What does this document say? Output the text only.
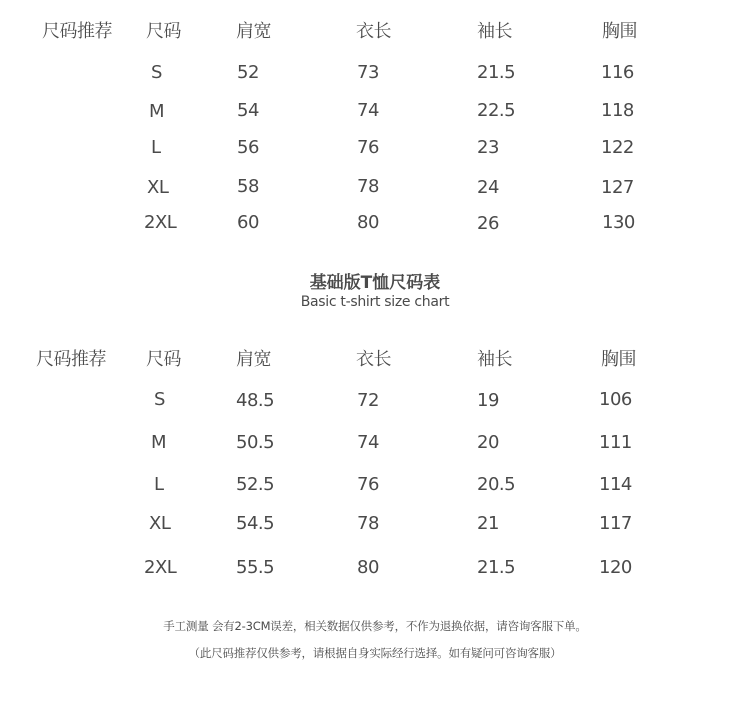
尺码推荐 尺码	肩宽	衣长	袖长	胸围
S	52	73	21.5	116
M	54	74	22.5	118
L	56	76	23	122
XL	58	78	24	127
2XL	60	80	26	130
基础版T恤尺码表
Basic t-shirt size chart
尺码推荐 尺码	肩宽	衣长	袖长	胸围
S	48.5	72	19	106
M	50.5	74	20	111
L	52.5	76	20.5	114
XL	54.5	78	21	117
2XL	55.5	80	21.5	120
手工测量 会有2-3CM误差，相关数据仅供参考，不作为退换依据，请咨询客服下单。
（此尺码推荐仅供参考，请根据自身实际经行选择。如有疑问可咨询客服）
